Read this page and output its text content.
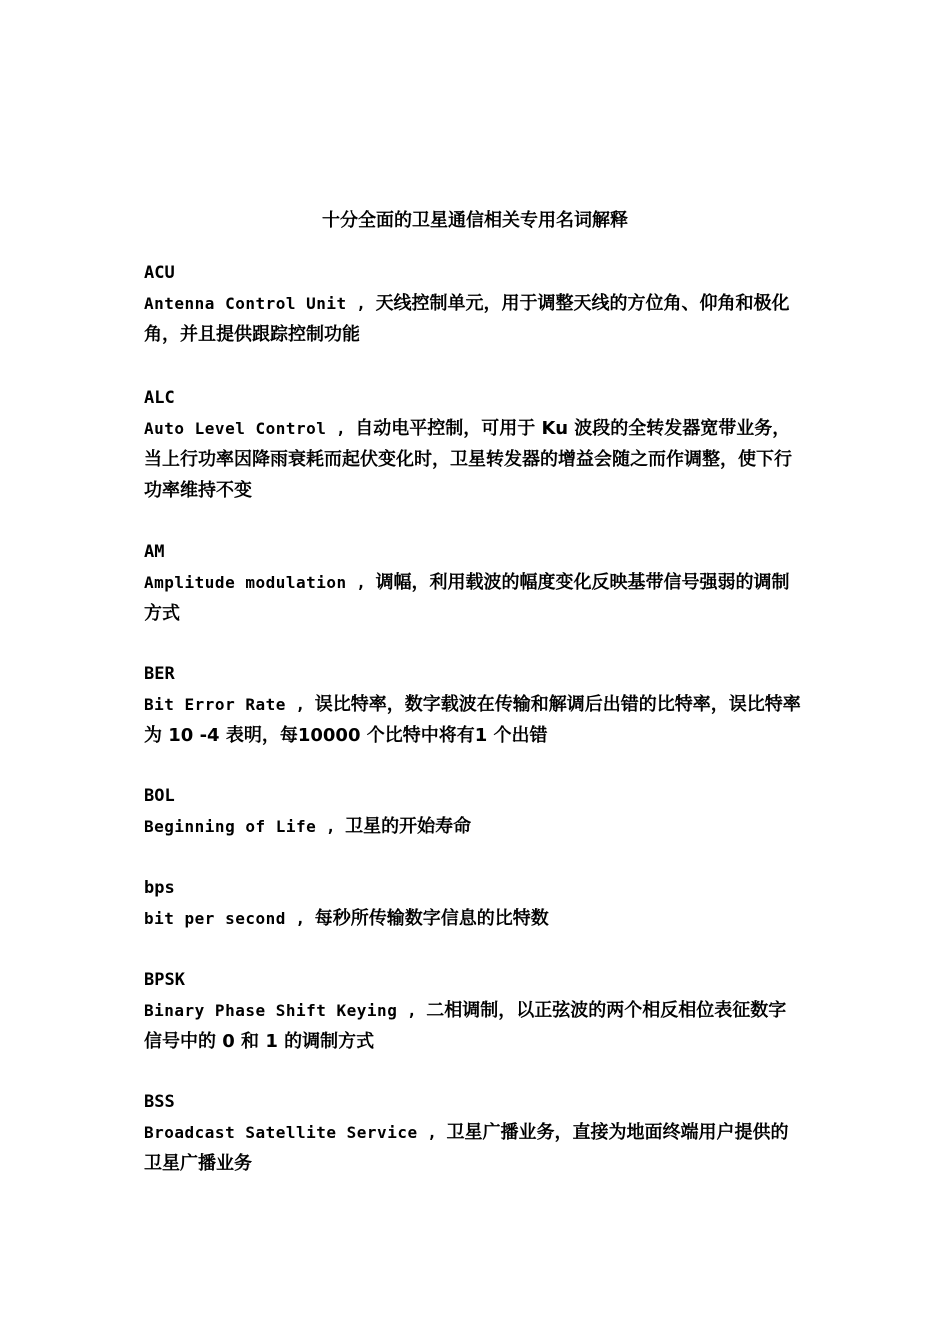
十分全面的卫星通信相关专用名词解释

ACU

Antenna Control Unit , 天线控制单元，用于调整天线的方位角、仰角和极化角，并且提供跟踪控制功能

ALC

Auto Level Control , 自动电平控制，可用于 Ku 波段的全转发器宽带业务，当上行功率因降雨衰耗而起伏变化时，卫星转发器的增益会随之而作调整，使下行功率维持不变

AM

Amplitude modulation , 调幅，利用载波的幅度变化反映基带信号强弱的调制方式

BER

Bit Error Rate , 误比特率，数字载波在传输和解调后出错的比特率，误比特率为 10 -4 表明，每10000 个比特中将有1 个出错

BOL

Beginning of Life , 卫星的开始寿命

bps

bit per second , 每秒所传输数字信息的比特数

BPSK

Binary Phase Shift Keying , 二相调制，以正弦波的两个相反相位表征数字信号中的 0 和 1 的调制方式

BSS

Broadcast Satellite Service , 卫星广播业务，直接为地面终端用户提供的卫星广播业务
